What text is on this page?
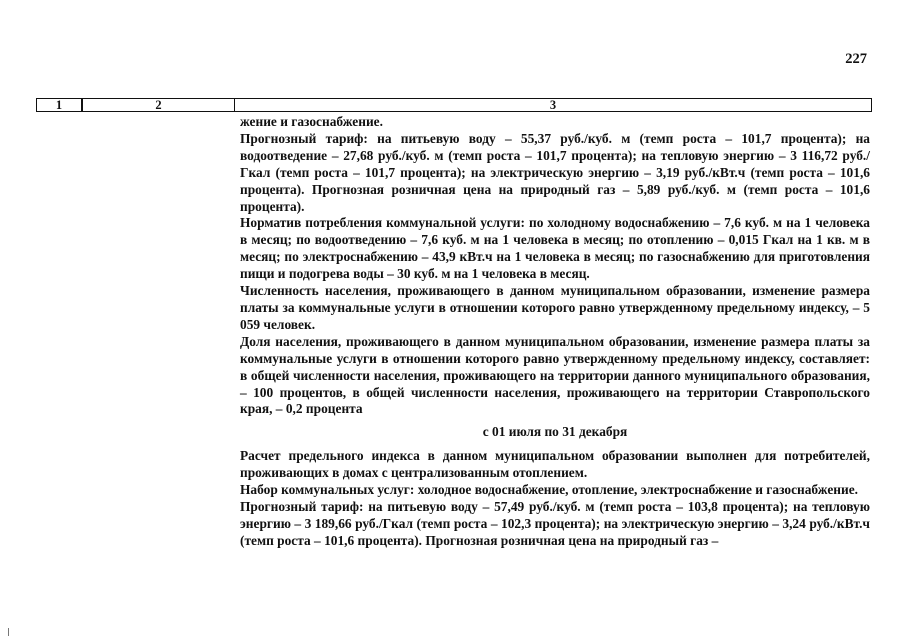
227
1	2	3

жение и газоснабжение.

Прогнозный тариф: на питьевую воду – 55,37 руб./куб. м (темп роста – 101,7 процента); на водоотведение – 27,68 руб./куб. м (темп роста – 101,7 процента); на тепловую энергию – 3 116,72 руб./Гкал (темп роста – 101,7 процента); на электрическую энергию – 3,19 руб./кВт.ч (темп роста – 101,6 процента). Прогнозная розничная цена на природный газ – 5,89 руб./куб. м (темп роста – 101,6 процента).

Норматив потребления коммунальной услуги: по холодному водоснабжению – 7,6 куб. м на 1 человека в месяц; по водоотведению – 7,6 куб. м на 1 человека в месяц; по отоплению – 0,015 Гкал на 1 кв. м в месяц; по электроснабжению – 43,9 кВт.ч на 1 человека в месяц; по газоснабжению для приготовления пищи и подогрева воды – 30 куб. м на 1 человека в месяц.

Численность населения, проживающего в данном муниципальном образовании, изменение размера платы за коммунальные услуги в отношении которого равно утвержденному предельному индексу, – 5 059 человек.

Доля населения, проживающего в данном муниципальном образовании, изменение размера платы за коммунальные услуги в отношении которого равно утвержденному предельному индексу, составляет: в общей численности населения, проживающего на территории данного муниципального образования, – 100 процентов, в общей численности населения, проживающего на территории Ставропольского края, – 0,2 процента

с 01 июля по 31 декабря

Расчет предельного индекса в данном муниципальном образовании выполнен для потребителей, проживающих в домах с централизованным отоплением.

Набор коммунальных услуг: холодное водоснабжение, отопление, электроснабжение и газоснабжение.

Прогнозный тариф: на питьевую воду – 57,49 руб./куб. м (темп роста – 103,8 процента); на тепловую энергию – 3 189,66 руб./Гкал (темп роста – 102,3 процента); на электрическую энергию – 3,24 руб./кВт.ч (темп роста – 101,6 процента). Прогнозная розничная цена на природный газ –
